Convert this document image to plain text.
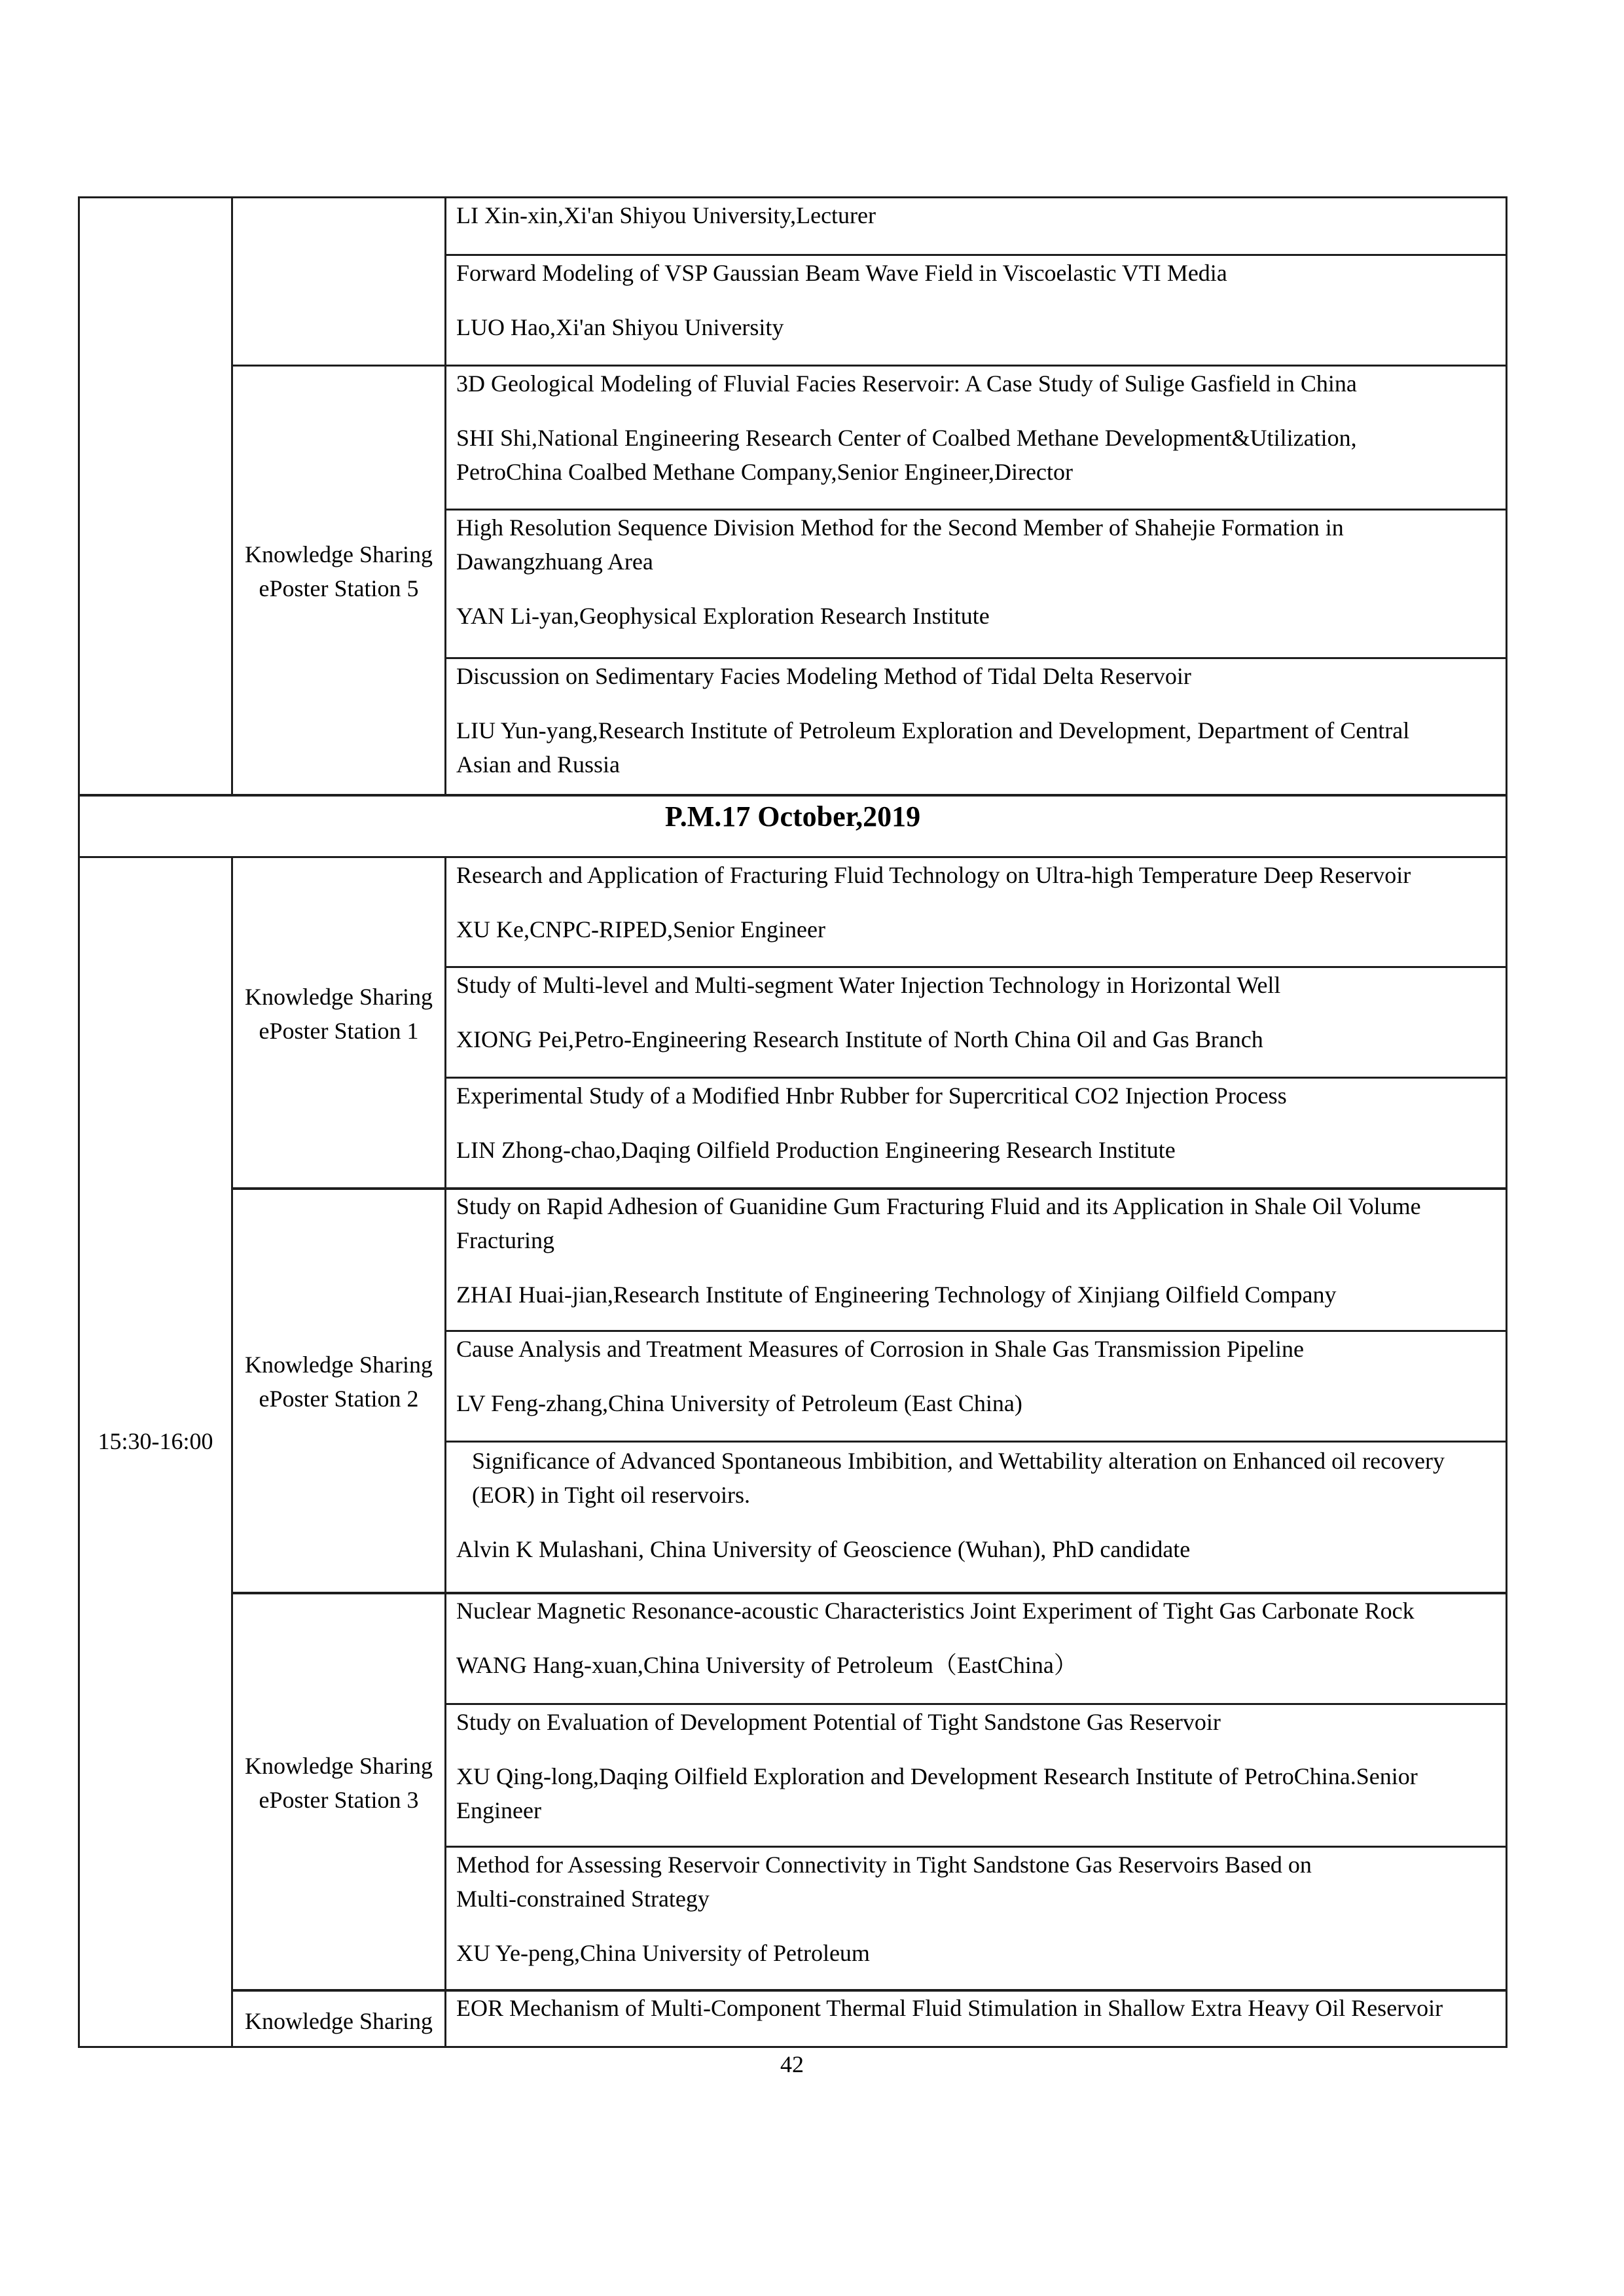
Knowledge Sharing
ePoster Station 5

LI Xin-xin,Xi'an Shiyou University,Lecturer

Forward Modeling of VSP Gaussian Beam Wave Field in Viscoelastic VTI Media

LUO Hao,Xi'an Shiyou University

3D Geological Modeling of Fluvial Facies Reservoir: A Case Study of Sulige Gasfield in China

SHI Shi,National Engineering Research Center of Coalbed Methane Development&Utilization,
PetroChina Coalbed Methane Company,Senior Engineer,Director

High Resolution Sequence Division Method for the Second Member of Shahejie Formation in
Dawangzhuang Area

YAN Li-yan,Geophysical Exploration Research Institute

Discussion on Sedimentary Facies Modeling Method of Tidal Delta Reservoir

LIU Yun-yang,Research Institute of Petroleum Exploration and Development, Department of Central
Asian and Russia

P.M.17 October,2019
15:30-16:00
Knowledge Sharing
ePoster Station 1

Research and Application of Fracturing Fluid Technology on Ultra-high Temperature Deep Reservoir

XU Ke,CNPC-RIPED,Senior Engineer

Study of Multi-level and Multi-segment Water Injection Technology in Horizontal Well

XIONG Pei,Petro-Engineering Research Institute of North China Oil and Gas Branch

Experimental Study of a Modified Hnbr Rubber for Supercritical CO2 Injection Process

LIN Zhong-chao,Daqing Oilfield Production Engineering Research Institute

Knowledge Sharing
ePoster Station 2

Study on Rapid Adhesion of Guanidine Gum Fracturing Fluid and its Application in Shale Oil Volume
Fracturing

ZHAI Huai-jian,Research Institute of Engineering Technology of Xinjiang Oilfield Company

Cause Analysis and Treatment Measures of Corrosion in Shale Gas Transmission Pipeline

LV Feng-zhang,China University of Petroleum (East China)

Significance of Advanced Spontaneous Imbibition, and Wettability alteration on Enhanced oil recovery
(EOR) in Tight oil reservoirs.

Alvin K Mulashani, China University of Geoscience (Wuhan), PhD candidate

Knowledge Sharing
ePoster Station 3

Nuclear Magnetic Resonance-acoustic Characteristics Joint Experiment of Tight Gas Carbonate Rock

WANG Hang-xuan,China University of Petroleum（EastChina）

Study on Evaluation of Development Potential of Tight Sandstone Gas Reservoir

XU Qing-long,Daqing Oilfield Exploration and Development Research Institute of PetroChina.Senior
Engineer

Method for Assessing Reservoir Connectivity in Tight Sandstone Gas Reservoirs Based on
Multi-constrained Strategy

XU Ye-peng,China University of Petroleum

Knowledge Sharing EOR Mechanism of Multi-Component Thermal Fluid Stimulation in Shallow Extra Heavy Oil Reservoir

42
